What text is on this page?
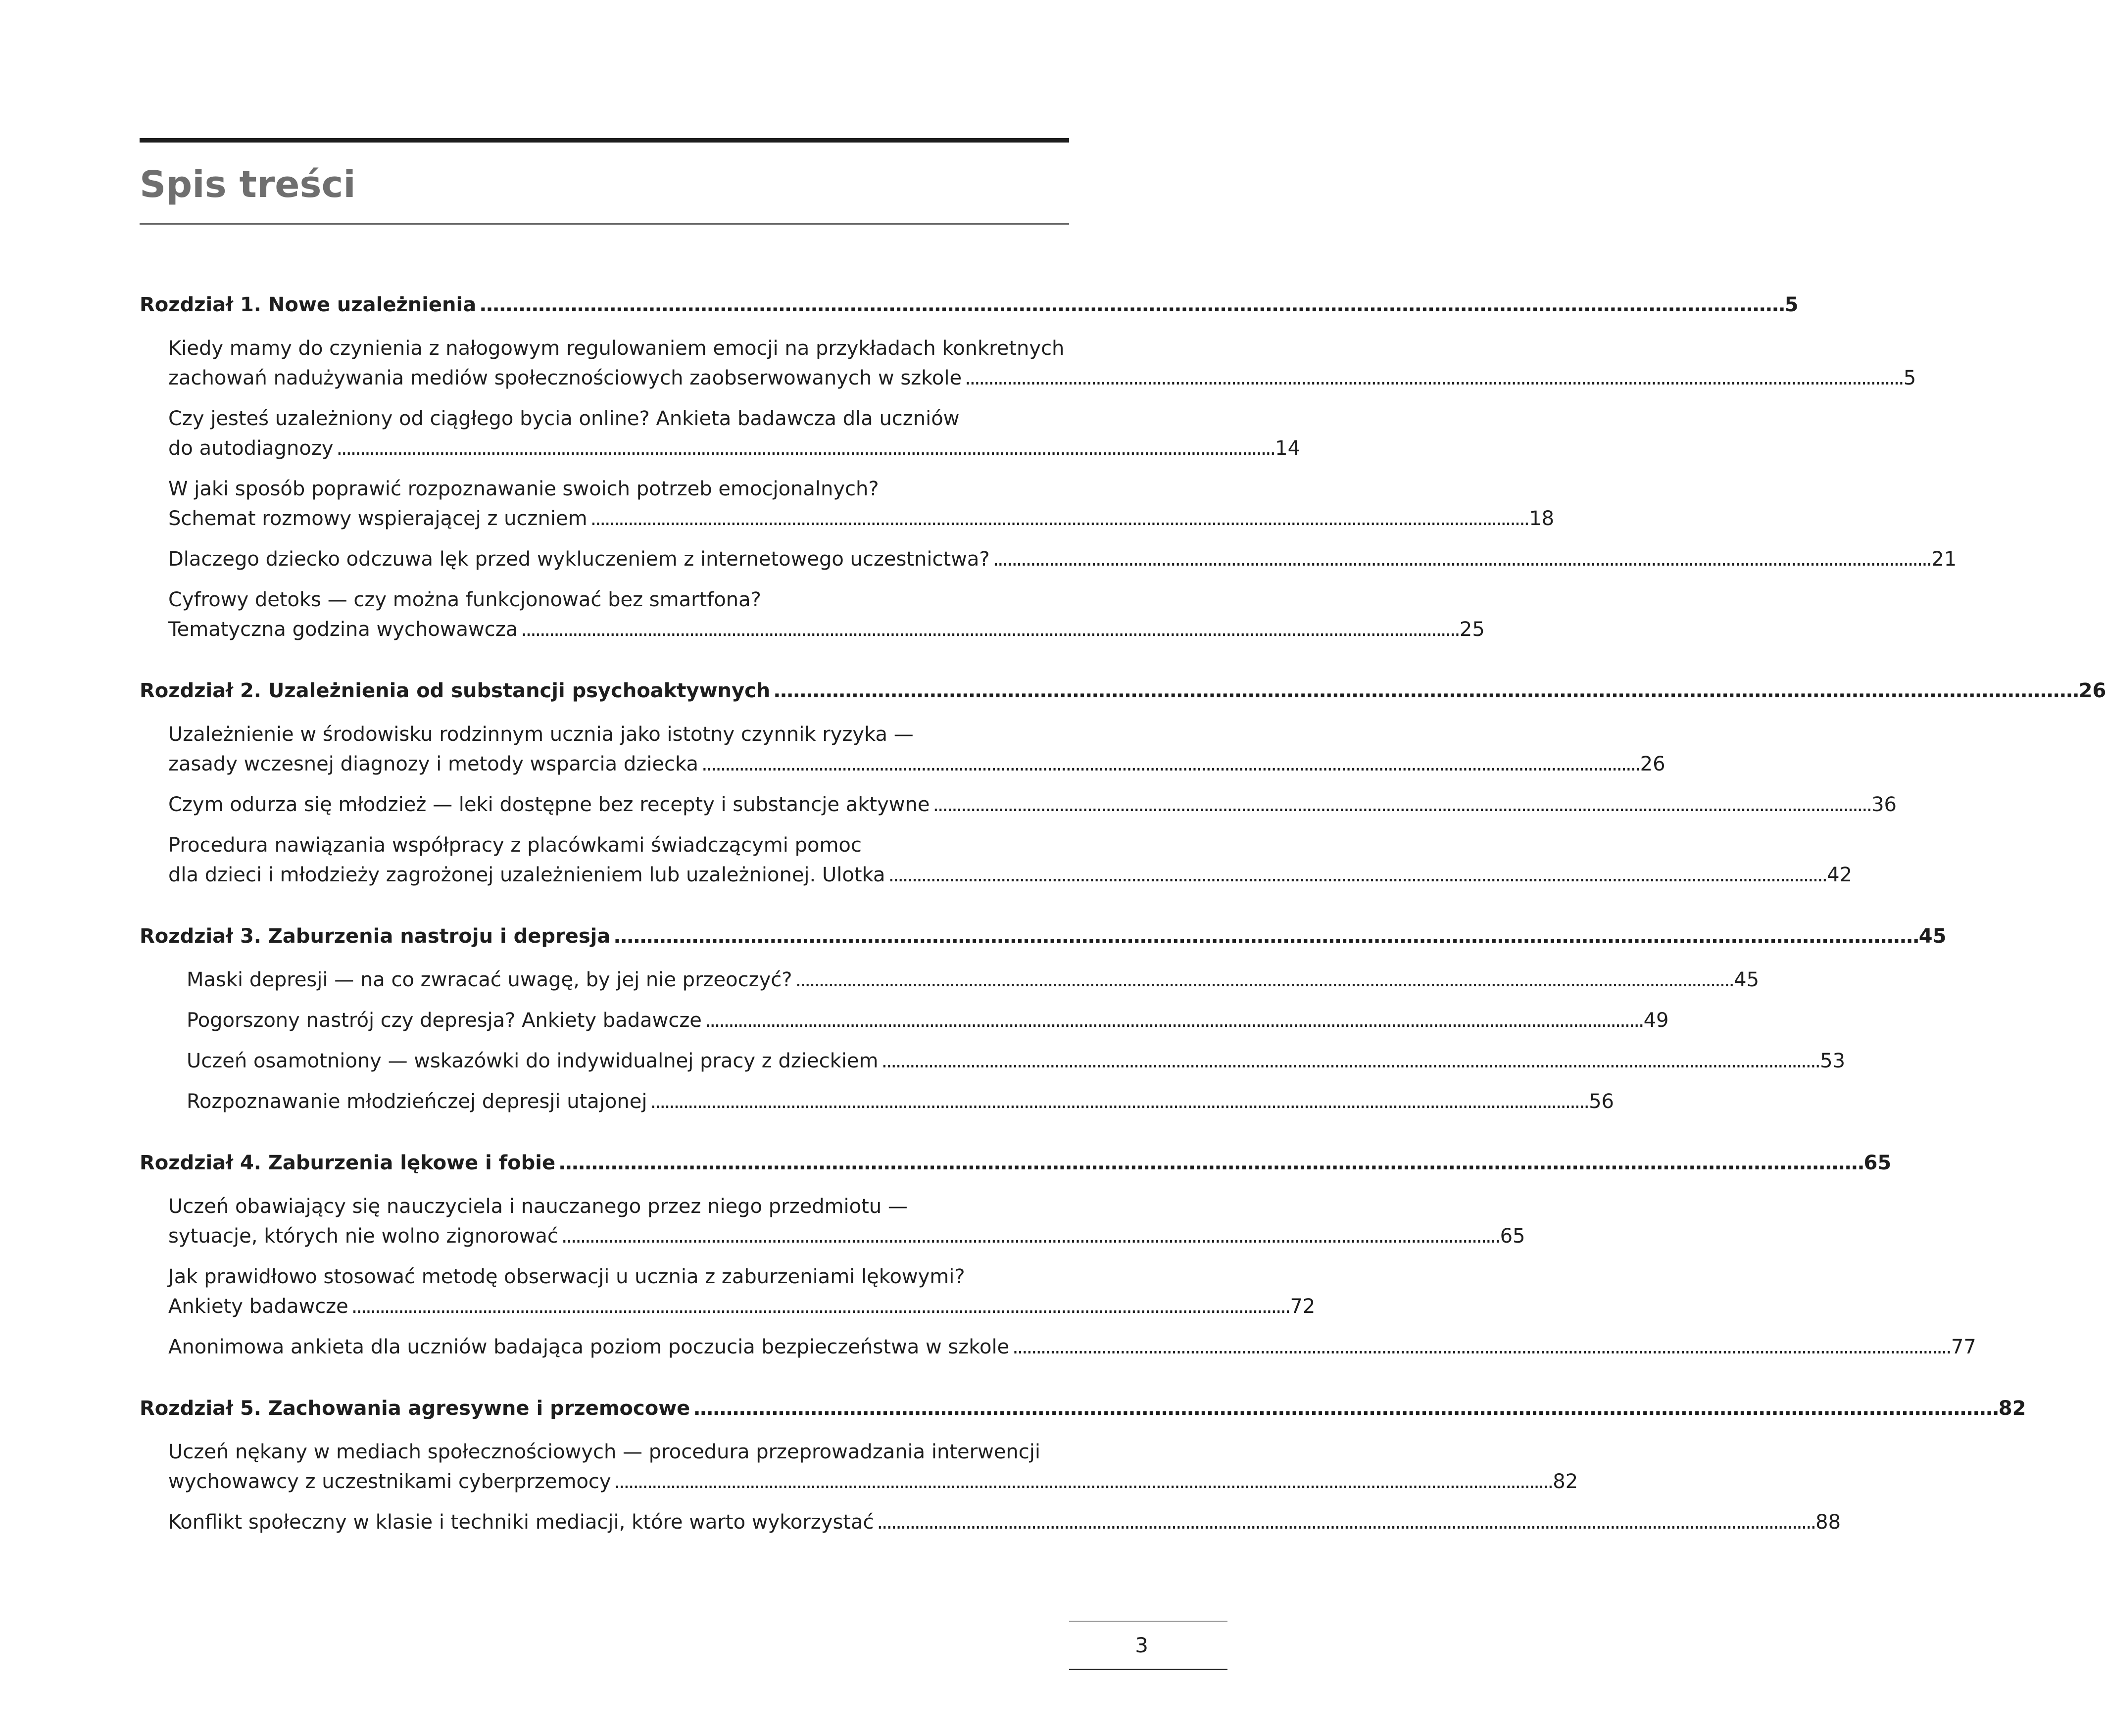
Spis treści
Rozdział 1. Nowe uzależnienia . . .	5
Kiedy mamy do czynienia z nałogowym regulowaniem emocji na przykładach konkretnych
zachowań nadużywania mediów społecznościowych zaobserwowanych w szkole . . .	5
Czy jesteś uzależniony od ciągłego bycia online? Ankieta badawcza dla uczniów
do autodiagnozy . . .	14
W jaki sposób poprawić rozpoznawanie swoich potrzeb emocjonalnych?
Schemat rozmowy wspierającej z uczniem . . .	18
Dlaczego dziecko odczuwa lęk przed wykluczeniem z internetowego uczestnictwa? . . .	21
Cyfrowy detoks — czy można funkcjonować bez smartfona?
Tematyczna godzina wychowawcza . . .	25
Rozdział 2. Uzależnienia od substancji psychoaktywnych . . .	26
Uzależnienie w środowisku rodzinnym ucznia jako istotny czynnik ryzyka —
zasady wczesnej diagnozy i metody wsparcia dziecka . . .	26
Czym odurza się młodzież — leki dostępne bez recepty i substancje aktywne . . .	36
Procedura nawiązania współpracy z placówkami świadczącymi pomoc
dla dzieci i młodzieży zagrożonej uzależnieniem lub uzależnionej. Ulotka . . .	42
Rozdział 3. Zaburzenia nastroju i depresja . . .	45
Maski depresji — na co zwracać uwagę, by jej nie przeoczyć? . . .	45
Pogorszony nastrój czy depresja? Ankiety badawcze . . .	49
Uczeń osamotniony — wskazówki do indywidualnej pracy z dzieckiem . . .	53
Rozpoznawanie młodzieńczej depresji utajonej . . .	56
Rozdział 4. Zaburzenia lękowe i fobie . . .	65
Uczeń obawiający się nauczyciela i nauczanego przez niego przedmiotu —
sytuacje, których nie wolno zignorować . . .	65
Jak prawidłowo stosować metodę obserwacji u ucznia z zaburzeniami lękowymi?
Ankiety badawcze . . .	72
Anonimowa ankieta dla uczniów badająca poziom poczucia bezpieczeństwa w szkole . . .	77
Rozdział 5. Zachowania agresywne i przemocowe . . .	82
Uczeń nękany w mediach społecznościowych — procedura przeprowadzania interwencji
wychowawcy z uczestnikami cyberprzemocy . . .	82
Konflikt społeczny w klasie i techniki mediacji, które warto wykorzystać . . .	88
3
